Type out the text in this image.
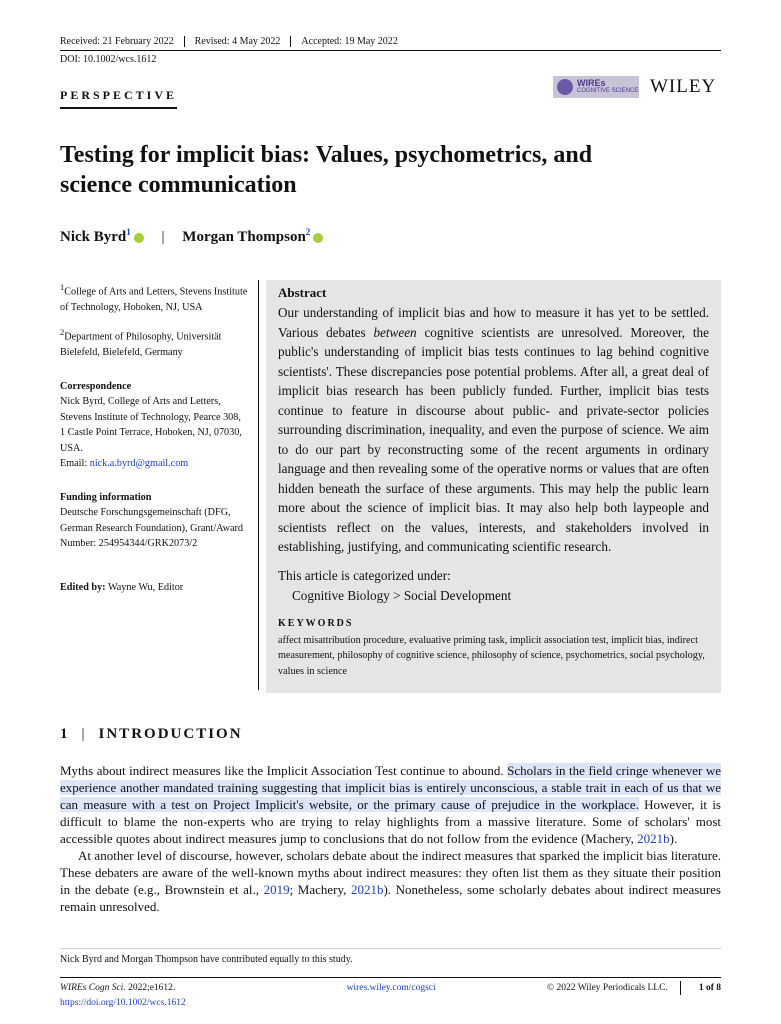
Received: 21 February 2022	Revised: 4 May 2022	Accepted: 19 May 2022
DOI: 10.1002/wcs.1612
PERSPECTIVE
WIREs
COGNITIVE SCIENCE WILEY
Testing for implicit bias: Values, psychometrics, and science communication
Nick Byrd$^1$ | Morgan Thompson$^2$

$^1$College of Arts and Letters, Stevens Institute of Technology, Hoboken, NJ, USA

$^2$Department of Philosophy, Universität Bielefeld, Bielefeld, Germany

Correspondence
Nick Byrd, College of Arts and Letters, Stevens Institute of Technology, Pearce 308, 1 Castle Point Terrace, Hoboken, NJ, 07030, USA.
Email: nick.a.byrd@gmail.com

Funding information
Deutsche Forschungsgemeinschaft (DFG, German Research Foundation), Grant/Award Number: 254954344/GRK2073/2

Edited by: Wayne Wu, Editor

Abstract

Our understanding of implicit bias and how to measure it has yet to be settled. Various debates between cognitive scientists are unresolved. Moreover, the public's understanding of implicit bias tests continues to lag behind cognitive scientists'. These discrepancies pose potential problems. After all, a great deal of implicit bias research has been publicly funded. Further, implicit bias tests continue to feature in discourse about public- and private-sector policies surrounding discrimination, inequality, and even the purpose of science. We aim to do our part by reconstructing some of the recent arguments in ordinary language and then revealing some of the operative norms or values that are often hidden beneath the surface of these arguments. This may help the public learn more about the science of implicit bias. It may also help both laypeople and scientists reflect on the values, interests, and stakeholders involved in establishing, justifying, and communicating scientific research.

This article is categorized under:
Cognitive Biology > Social Development
KEYWORDS
affect misattribution procedure, evaluative priming task, implicit association test, implicit bias, indirect measurement, philosophy of cognitive science, philosophy of science, psychometrics, social psychology, values in science
1 | INTRODUCTION

Myths about indirect measures like the Implicit Association Test continue to abound. Scholars in the field cringe whenever we experience another mandated training suggesting that implicit bias is entirely unconscious, a stable trait in each of us that we can measure with a test on Project Implicit's website, or the primary cause of prejudice in the workplace. However, it is difficult to blame the non-experts who are trying to relay highlights from a massive literature. Some of scholars' most accessible quotes about indirect measures jump to conclusions that do not follow from the evidence (Machery, 2021b).

At another level of discourse, however, scholars debate about the indirect measures that sparked the implicit bias literature. These debaters are aware of the well-known myths about indirect measures: they often list them as they situate their position in the debate (e.g., Brownstein et al., 2019; Machery, 2021b). Nonetheless, some scholarly debates about indirect measures remain unresolved.

Nick Byrd and Morgan Thompson have contributed equally to this study.
WIREs Cogn Sci. 2022;e1612.	wires.wiley.com/cogsci	© 2022 Wiley Periodicals LLC.	1 of 8
https://doi.org/10.1002/wcs.1612
